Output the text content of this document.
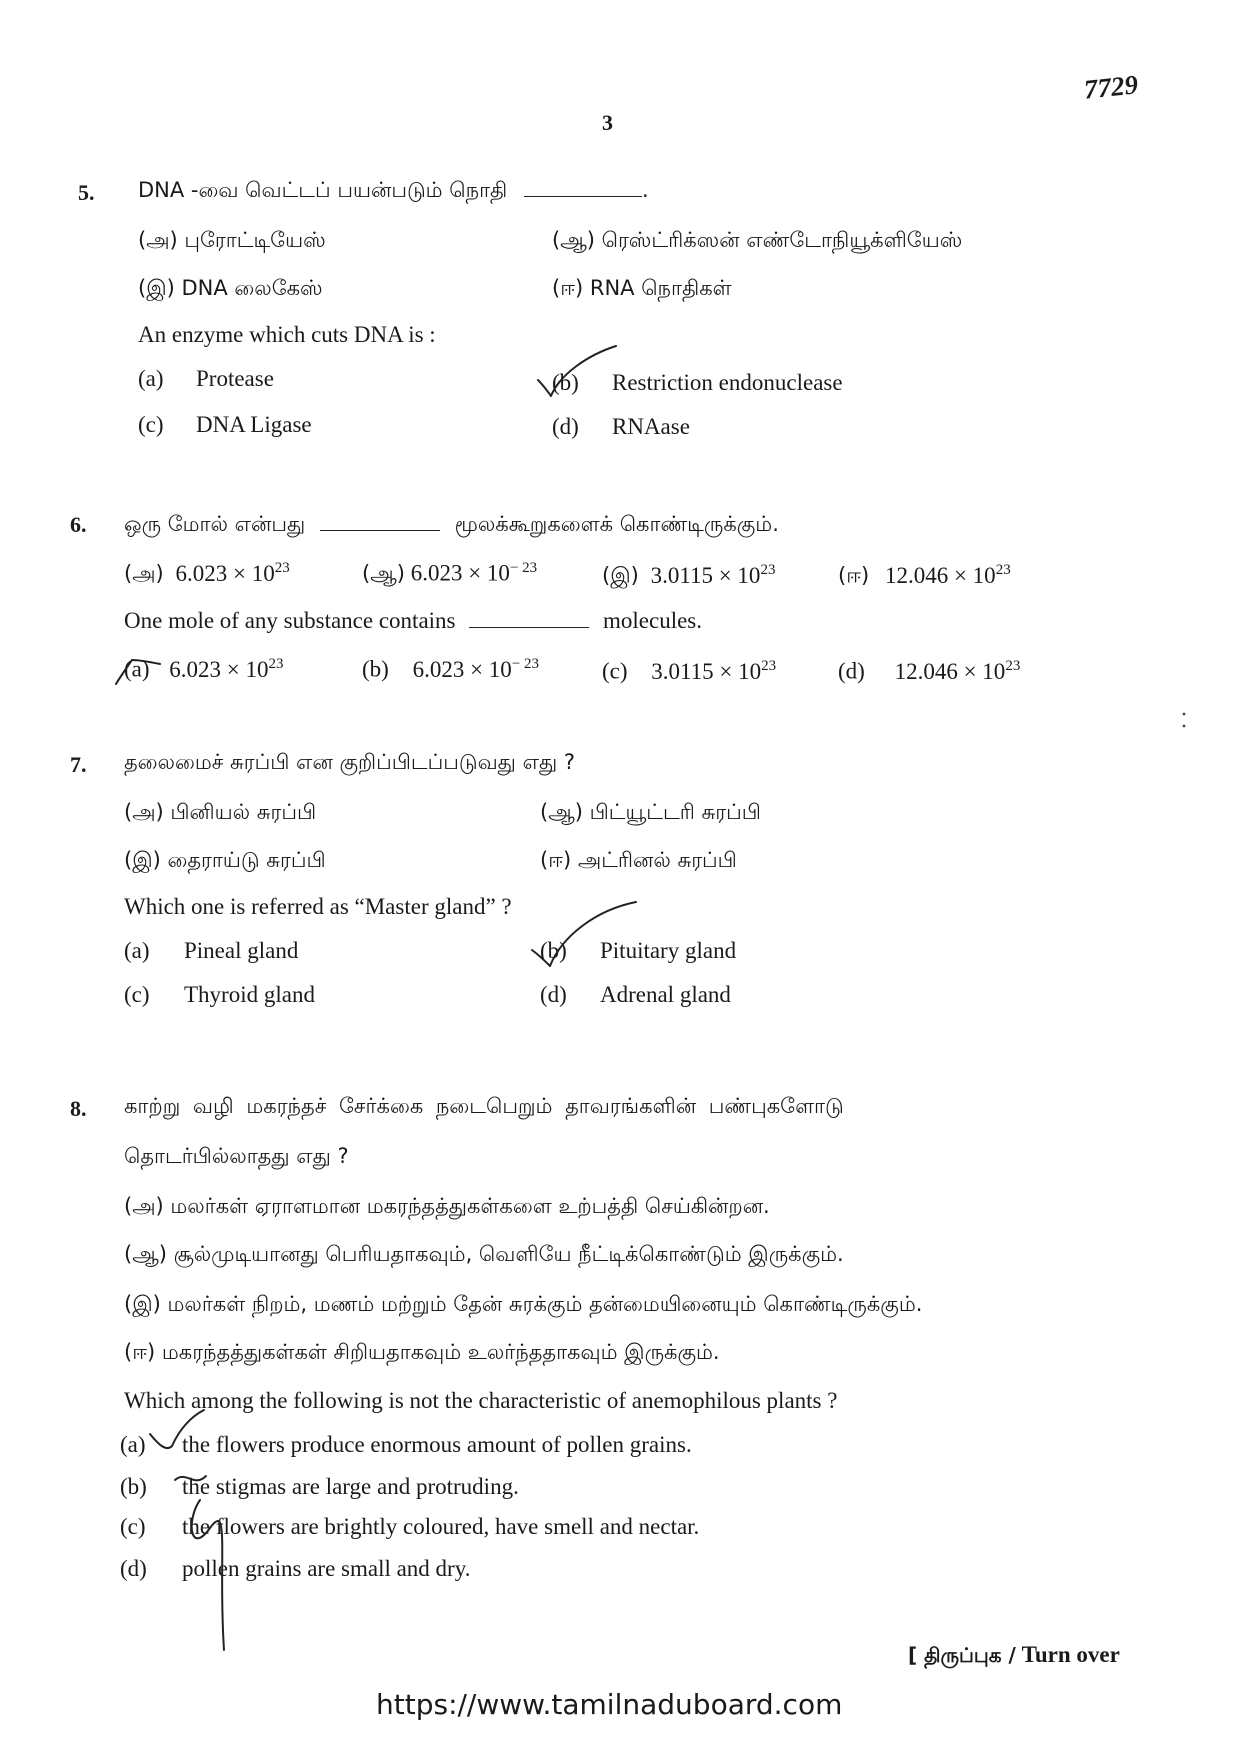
7729
3
5. DNA -வை வெட்டப் பயன்படும் நொதி	.
(அ) புரோட்டியேஸ்	(ஆ) ரெஸ்ட்ரிக்ஸன் எண்டோநியூக்ளியேஸ்
(இ) DNA லைகேஸ்	(ஈ) RNA நொதிகள்
An enzyme which cuts DNA is :
(a) Protease	(b) Restriction endonuclease
(c) DNA Ligase	(d) RNAase
6. ஒரு மோல் என்பது	மூலக்கூறுகளைக் கொண்டிருக்கும்.
(அ) $6.023 \times 10^{23}$	(ஆ) $6.023 \times 10^{- 23}$	(இ) $3.0115 \times 10^{23}$	(ஈ) $12.046 \times 10^{23}$
One mole of any substance contains	molecules.
(a) $6.023 \times 10^{23}$	(b) $6.023 \times 10^{- 23}$	(c) $3.0115 \times 10^{23}$	(d) $12.046 \times 10^{23}$
7. தலைமைச் சுரப்பி என குறிப்பிடப்படுவது எது ?
(அ) பினியல் சுரப்பி	(ஆ) பிட்யூட்டரி சுரப்பி
(இ) தைராய்டு சுரப்பி	(ஈ) அட்ரினல் சுரப்பி
Which one is referred as “Master gland” ?
(a) Pineal gland	(b) Pituitary gland
(c) Thyroid gland	(d) Adrenal gland
8. காற்று வழி மகரந்தச் சேர்க்கை நடைபெறும் தாவரங்களின் பண்புகளோடு
தொடர்பில்லாதது எது ?
(அ) மலர்கள் ஏராளமான மகரந்தத்துகள்களை உற்பத்தி செய்கின்றன.
(ஆ) சூல்முடியானது பெரியதாகவும், வெளியே நீட்டிக்கொண்டும் இருக்கும்.
(இ) மலர்கள் நிறம், மணம் மற்றும் தேன் சுரக்கும் தன்மையினையும் கொண்டிருக்கும்.
(ஈ) மகரந்தத்துகள்கள் சிறியதாகவும் உலர்ந்ததாகவும் இருக்கும்.
Which among the following is not the characteristic of anemophilous plants ?
(a) the flowers produce enormous amount of pollen grains.
(b) the stigmas are large and protruding.
(c) the flowers are brightly coloured, have smell and nectar.
(d) pollen grains are small and dry.
[ திருப்புக / Turn over
https://www.tamilnaduboard.com
